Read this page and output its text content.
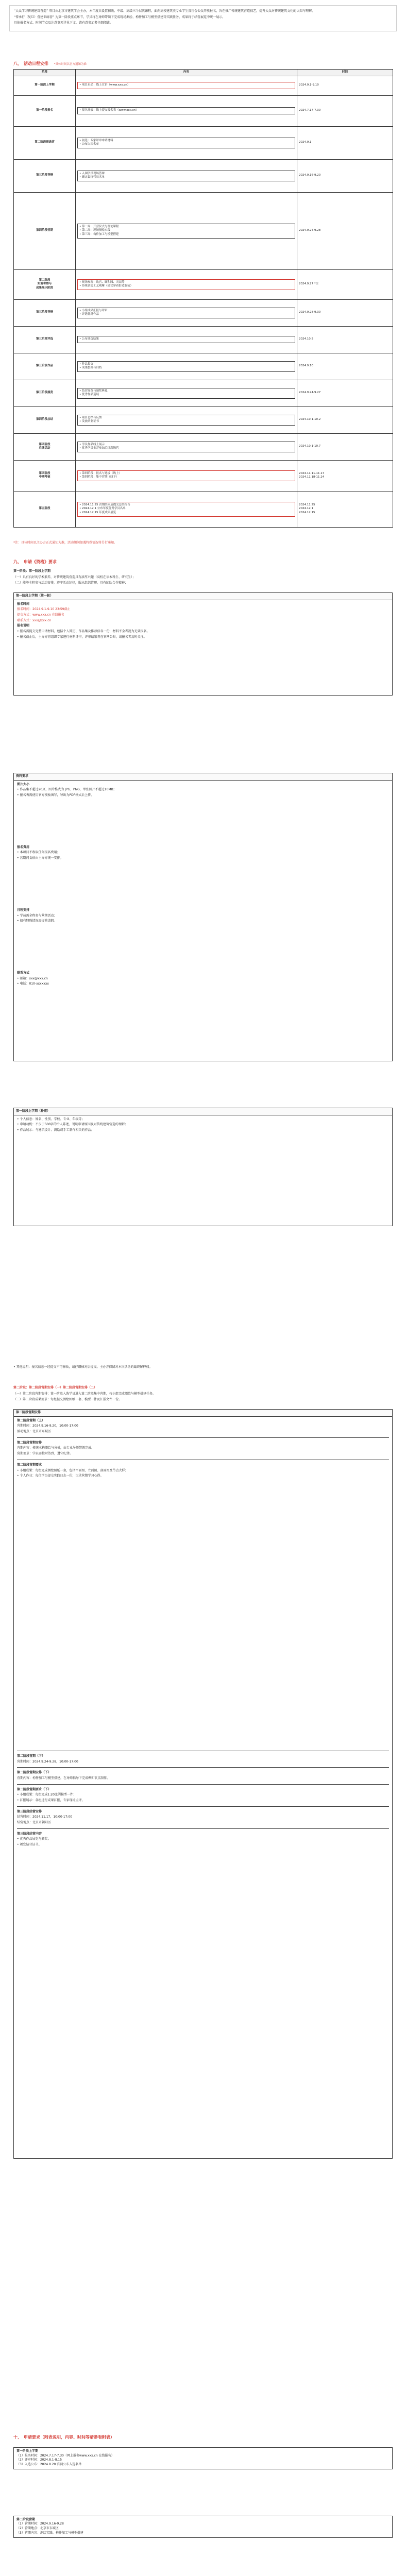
“大众学习传统建筑营造” 项目由北京市建筑学会主办，本年度共设置初级、中级、高级三个层次课程，面向高校建筑类专业学生及社会公众开放报名，旨在推广传统建筑营造技艺，提升大众对传统建筑文化的认知与理解。

“传承行（复旦）营建训练营” 为第一阶段重点环节，学员将在导师带领下完成现场测绘、构件加工与模型搭建等实践任务，成果将于结营展览中统一展示。

具体报名方式、时间节点及注意事项详见下文，请有意参加者仔细阅读。

八、 活动日程安排 *具体时间以官方通知为准
阶段	内容	时间
第一阶段上学期	• 项目启动：线上宣讲（www.xxx.cn）	2024.9.1-9.10
第一阶段报名	• 报名开放：线上提交报名表（www.xxx.cn）	2024.7.17-7.30
第二阶段预选营	• 初选：专家评审申请材料
• 公布入围名单	2024.9.1
第三阶段答辩	• 入围学员现场答辩
• 确定最终营员名单	2024.9.16-9.20
第四阶段营期	• 第一周：开营仪式与理论课程
• 第二周：现场测绘实践
• 第三周：构件加工与模型搭建	2024.9.24-9.28
第二阶段
实地考察与
成果展示阶段	• 现场参观：故宫、颐和园、天坛等
• 传统营造工艺观摩（建议穿着舒适服装）	2024.9.27 *注
第三阶段答辩	• 小组成果汇报与评审
• 评选优秀作品	2024.9.28-9.30
第三阶段评选	• 公布评选结果	2024.10.5
第三阶段作品	• 作品提交
• 成果整理与归档	2024.9.10
第三阶段展览	• 结营展览与颁奖典礼
• 优秀作品巡展	2024.9.24-9.27
第四阶段总结	• 项目总结与反馈
• 发放结业证书	2024.10.1-10.2
第四阶段
后续活动	• 学员作品线上展示
• 优秀学员推荐参加后续高级营	2024.10.1-10.7
第四阶段
中期考核	• 第四阶段：报名与选拔（线上）
• 第四阶段：集中营期（线下）	2024.11.11-11.17
2024.11.18-11.24
第五阶段	• 2024.11.25 营期结束后提交总结报告
• 2024.12.1 公布年度优秀学员名单
• 2024.12.15 年度成果展览	2024.11.25
2024.12.1
2024.12.15
*注：具体时间以主办方正式通知为准，活动期间如遇特殊情况将另行通知。
九、 申请《资格》要求

第一阶段：第一阶段上学期

（一）具有良好的学术素养，对传统建筑营造具有浓厚兴趣（高校在读本科生、研究生）；

（二）能够全程参与活动安排，遵守活动纪律，服从组织管理，具有团队合作精神；

第一阶段上学期（第一轮）

报名时间

报名时间：2024.9.1-9.10 23:59截止

提交方式：www.xxx.cn 在线报名

联系方式：xxx@xxx.cn

报名说明

• 报名需提交完整申请材料，包括个人简历、作品集及推荐信各一份，材料不全者视为无效报名。

• 报名截止后，主办方将组织专家进行材料评审，评审结果将在官网公布，请报名者及时关注。

资料要求

图片大小

• 作品集不超过20页，图片格式为 JPG、PNG，单张图片不超过10MB；

• 报名表需使用官方模板填写，导出为PDF格式后上传。

报名费用

• 本项目不收取任何报名费用；

• 营期间食宿由主办方统一安排。

日程安排

• 学员需全程参与营期活动；

• 如有特殊情况需提前请假。

联系方式

• 邮箱：xxx@xxx.cn

• 电话：010-xxxxxxx

第一阶段上学期（补充）

• 个人信息：姓名、性别、学校、专业、年级等；

• 申请动机：不少于500字的个人陈述，说明申请原因及对传统建筑营造的理解；

• 作品展示：与建筑设计、测绘或手工制作相关的作品；

• 其他说明：报名信息一经提交不可修改，请仔细核对后提交。主办方保留对本次活动的最终解释权。

第二阶段：第二阶段营期安排（一）第二阶段营期安排（二）

（一）第二阶段营期安排：第一阶段入选学员进入第二阶段集中营期，按小组完成测绘与模型搭建任务。

（二）第二阶段成果要求：每组提交测绘图纸一套、模型一件及汇报文件一份。

第二阶段营期安排

第二阶段营期（上）

营期时间：2024.9.16-9.20，10:00-17:00

活动地点：北京市东城区

第二阶段营期安排

营期内容：传统木构测绘与分析，由专业导师带领完成。

营期要求：学员需按时签到，遵守纪律。

第二阶段营期要求

• 小组成果：每组完成测绘图纸一套，包括平面图、立面图、剖面图及节点大样；

• 个人作业：每位学员提交实践日志一份，记录营期学习心得。

第二阶段营期（下）

营期时间：2024.9.24-9.28，10:00-17:00

第二阶段营期安排（下）

营期内容：构件加工与模型搭建，在导师指导下完成榫卯节点制作。

第二阶段营期要求（下）

• 小组成果：每组完成1:20比例模型一件；

• 汇报展示：各组进行成果汇报，专家现场点评。

第三阶段结营安排

结营时间：2024.11.17，10:00-17:00

结营地点：北京市朝阳区

第三阶段结营内容

• 优秀作品展览与颁奖；

• 颁发结业证书。

十、 申请要求（附表说明，内容、时间等请参看附表）
第一阶段上学期
（1）报名时间：2024.7.17-7.30（网上报名www.xxx.cn 在线报名）
（2）评审时间：2024.8.1-8.15
（3）入选公布：2024.8.20 官网公布入选名单
第二阶段营期
（1）营期时间：2024.9.16-9.28
（2）营期地点：北京市东城区
（3）营期内容：测绘实践、构件加工与模型搭建
